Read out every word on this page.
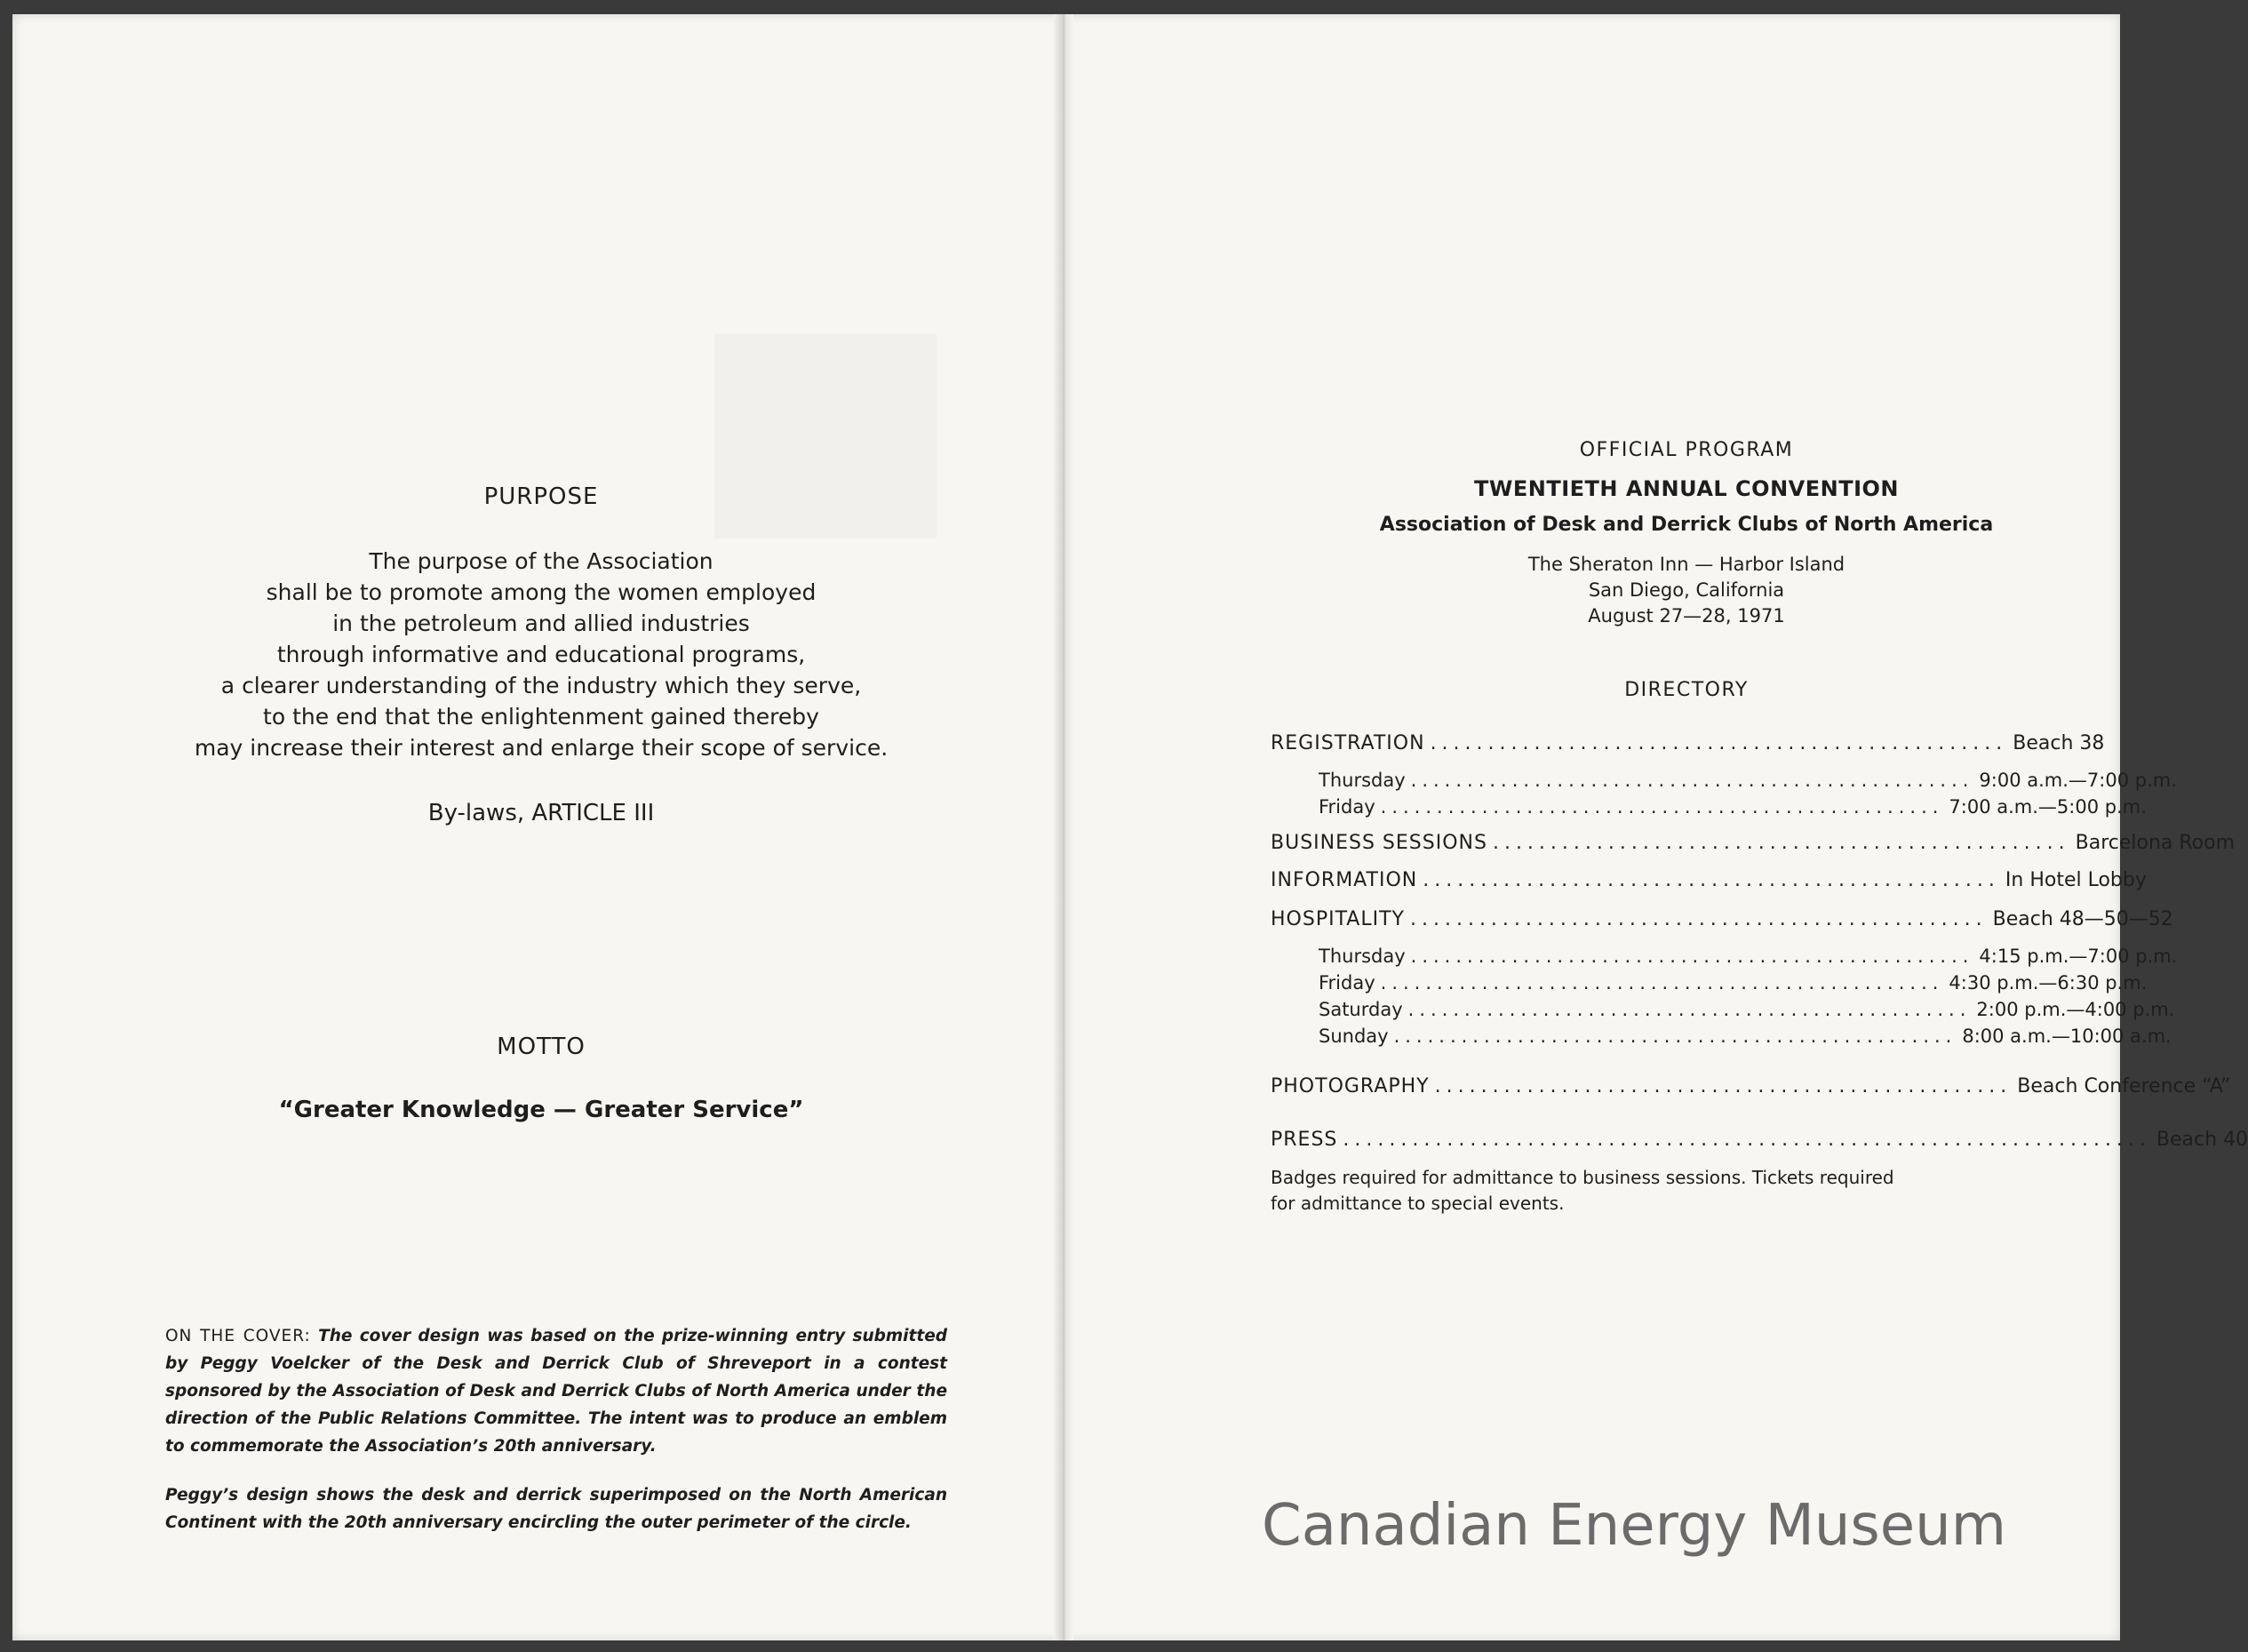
PURPOSE
The purpose of the Association
shall be to promote among the women employed
in the petroleum and allied industries
through informative and educational programs,
a clearer understanding of the industry which they serve,
to the end that the enlightenment gained thereby
may increase their interest and enlarge their scope of service.
By-laws, ARTICLE III
MOTTO
“Greater Knowledge — Greater Service”

ON THE COVER: The cover design was based on the prize-winning entry submitted by Peggy Voelcker of the Desk and Derrick Club of Shreveport in a contest sponsored by the Association of Desk and Derrick Clubs of North America under the direction of the Public Relations Committee. The intent was to produce an emblem to commemorate the Association’s 20th anniversary.

Peggy’s design shows the desk and derrick superimposed on the North American Continent with the 20th anniversary encircling the outer perimeter of the circle.

OFFICIAL PROGRAM
TWENTIETH ANNUAL CONVENTION
Association of Desk and Derrick Clubs of North America
The Sheraton Inn — Harbor Island
San Diego, California
August 27—28, 1971
DIRECTORY
REGISTRATION .................................................. Beach 38
Thursday .................................................. 9:00 a.m.—7:00 p.m.
Friday .................................................. 7:00 a.m.—5:00 p.m.
BUSINESS SESSIONS .................................................. Barcelona Room
INFORMATION .................................................. In Hotel Lobby
HOSPITALITY .................................................. Beach 48—50—52
Thursday .................................................. 4:15 p.m.—7:00 p.m.
Friday .................................................. 4:30 p.m.—6:30 p.m.
Saturday .................................................. 2:00 p.m.—4:00 p.m.
Sunday .................................................. 8:00 a.m.—10:00 a.m.
PHOTOGRAPHY .................................................. Beach Conference “A”
PRESS ...................................................................... Beach 40
Badges required for admittance to business sessions. Tickets required for admittance to special events.
Canadian Energy Museum
